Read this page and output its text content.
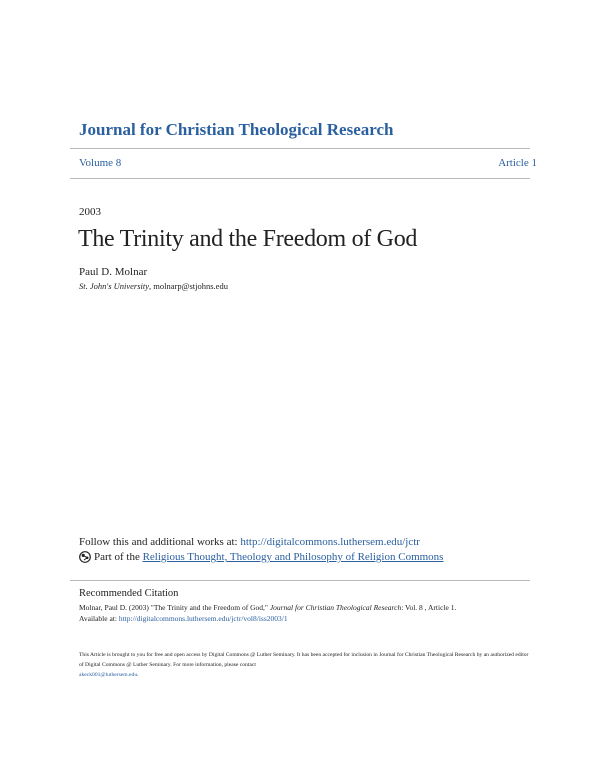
Journal for Christian Theological Research
Volume 8	Article 1
2003
The Trinity and the Freedom of God
Paul D. Molnar
St. John's University, molnarp@stjohns.edu
Follow this and additional works at: http://digitalcommons.luthersem.edu/jctr
Part of the
Religious Thought, Theology and Philosophy of Religion Commons
Recommended Citation
Molnar, Paul D. (2003) "The Trinity and the Freedom of God," Journal for Christian Theological Research: Vol. 8 , Article 1.
Available at: http://digitalcommons.luthersem.edu/jctr/vol8/iss2003/1
This Article is brought to you for free and open access by Digital Commons @ Luther Seminary. It has been accepted for inclusion in Journal for Christian Theological Research by an authorized editor of Digital Commons @ Luther Seminary. For more information, please contact
akeck001@luthersem.edu.
